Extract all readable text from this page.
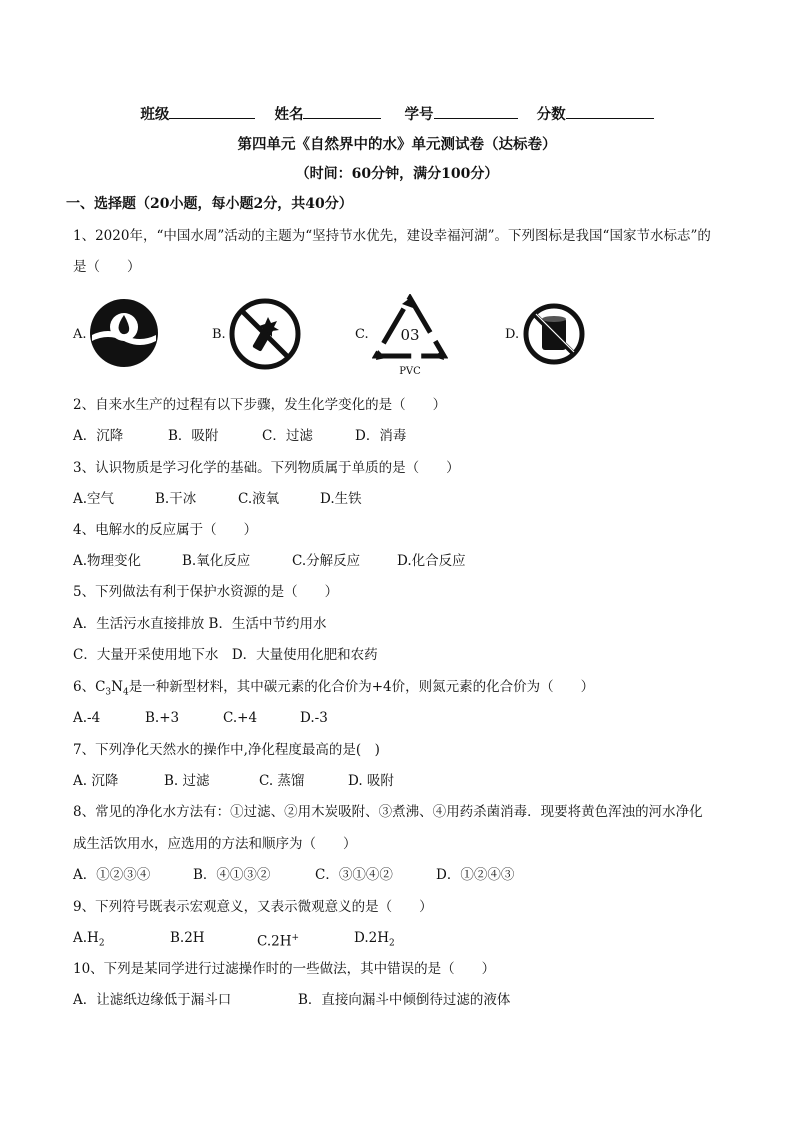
班级	姓名	学号	分数
第四单元《自然界中的水》单元测试卷（达标卷）
（时间：60分钟，满分100分）
一、选择题（20小题，每小题2分，共40分）
1、2020年，“中国水周”活动的主题为“坚持节水优先，建设幸福河湖”。下列图标是我国“国家节水标志”的
是（　　）
A.	B.	C. 03
PVC
D.
2、自来水生产的过程有以下步骤，发生化学变化的是（　　）
A．沉降	B．吸附	C．过滤	D．消毒
3、认识物质是学习化学的基础。下列物质属于单质的是（　　）
A.空气	B.干冰	C.液氧	D.生铁
4、电解水的反应属于（　　）
A.物理变化	B.氧化反应	C.分解反应	D.化合反应
5、下列做法有利于保护水资源的是（　　）
A．生活污水直接排放 B．生活中节约用水
C．大量开采使用地下水　D．大量使用化肥和农药
6、$C_3N_4$是一种新型材料，其中碳元素的化合价为+4价，则氮元素的化合价为（　　）
A.-4	B.+3	C.+4	D.-3
7、下列净化天然水的操作中,净化程度最高的是(　)
A. 沉降	B. 过滤	C. 蒸馏	D. 吸附
8、常见的净化水方法有：①过滤、②用木炭吸附、③煮沸、④用药杀菌消毒．现要将黄色浑浊的河水净化
成生活饮用水，应选用的方法和顺序为（　　）
A．①②③④	B．④①③②	C．③①④②	D．①②④③
9、下列符号既表示宏观意义，又表示微观意义的是（　　）
$A.H_2$	B.2H	C.2H+	$D.2H_2$
10、下列是某同学进行过滤操作时的一些做法，其中错误的是（　　）
A．让滤纸边缘低于漏斗口	B．直接向漏斗中倾倒待过滤的液体
